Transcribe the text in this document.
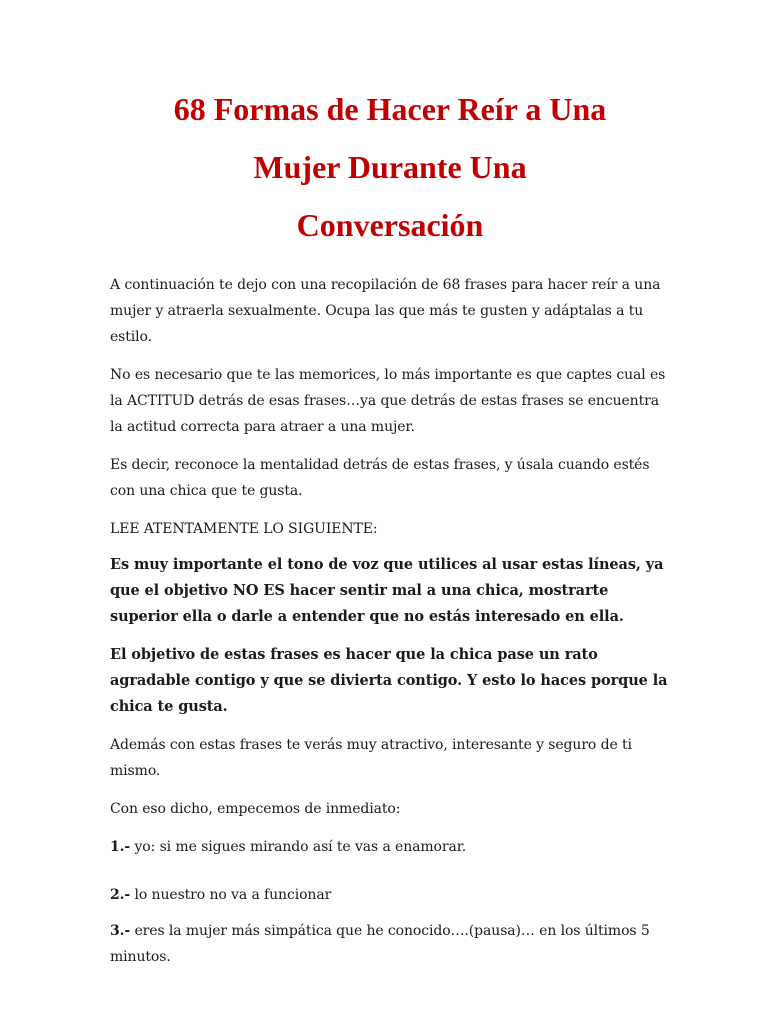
68 Formas de Hacer Reír a Una
Mujer Durante Una
Conversación

A continuación te dejo con una recopilación de 68 frases para hacer reír a una mujer y atraerla sexualmente. Ocupa las que más te gusten y adáptalas a tu estilo.

No es necesario que te las memorices, lo más importante es que captes cual es la ACTITUD detrás de esas frases…ya que detrás de estas frases se encuentra la actitud correcta para atraer a una mujer.

Es decir, reconoce la mentalidad detrás de estas frases, y úsala cuando estés con una chica que te gusta.

LEE ATENTAMENTE LO SIGUIENTE:

Es muy importante el tono de voz que utilices al usar estas líneas, ya que el objetivo NO ES hacer sentir mal a una chica, mostrarte superior ella o darle a entender que no estás interesado en ella.

El objetivo de estas frases es hacer que la chica pase un rato agradable contigo y que se divierta contigo. Y esto lo haces porque la chica te gusta.

Además con estas frases te verás muy atractivo, interesante y seguro de ti mismo.

Con eso dicho, empecemos de inmediato:

1.- yo: si me sigues mirando así te vas a enamorar.

2.- lo nuestro no va a funcionar

3.- eres la mujer más simpática que he conocido….(pausa)… en los últimos 5 minutos.
